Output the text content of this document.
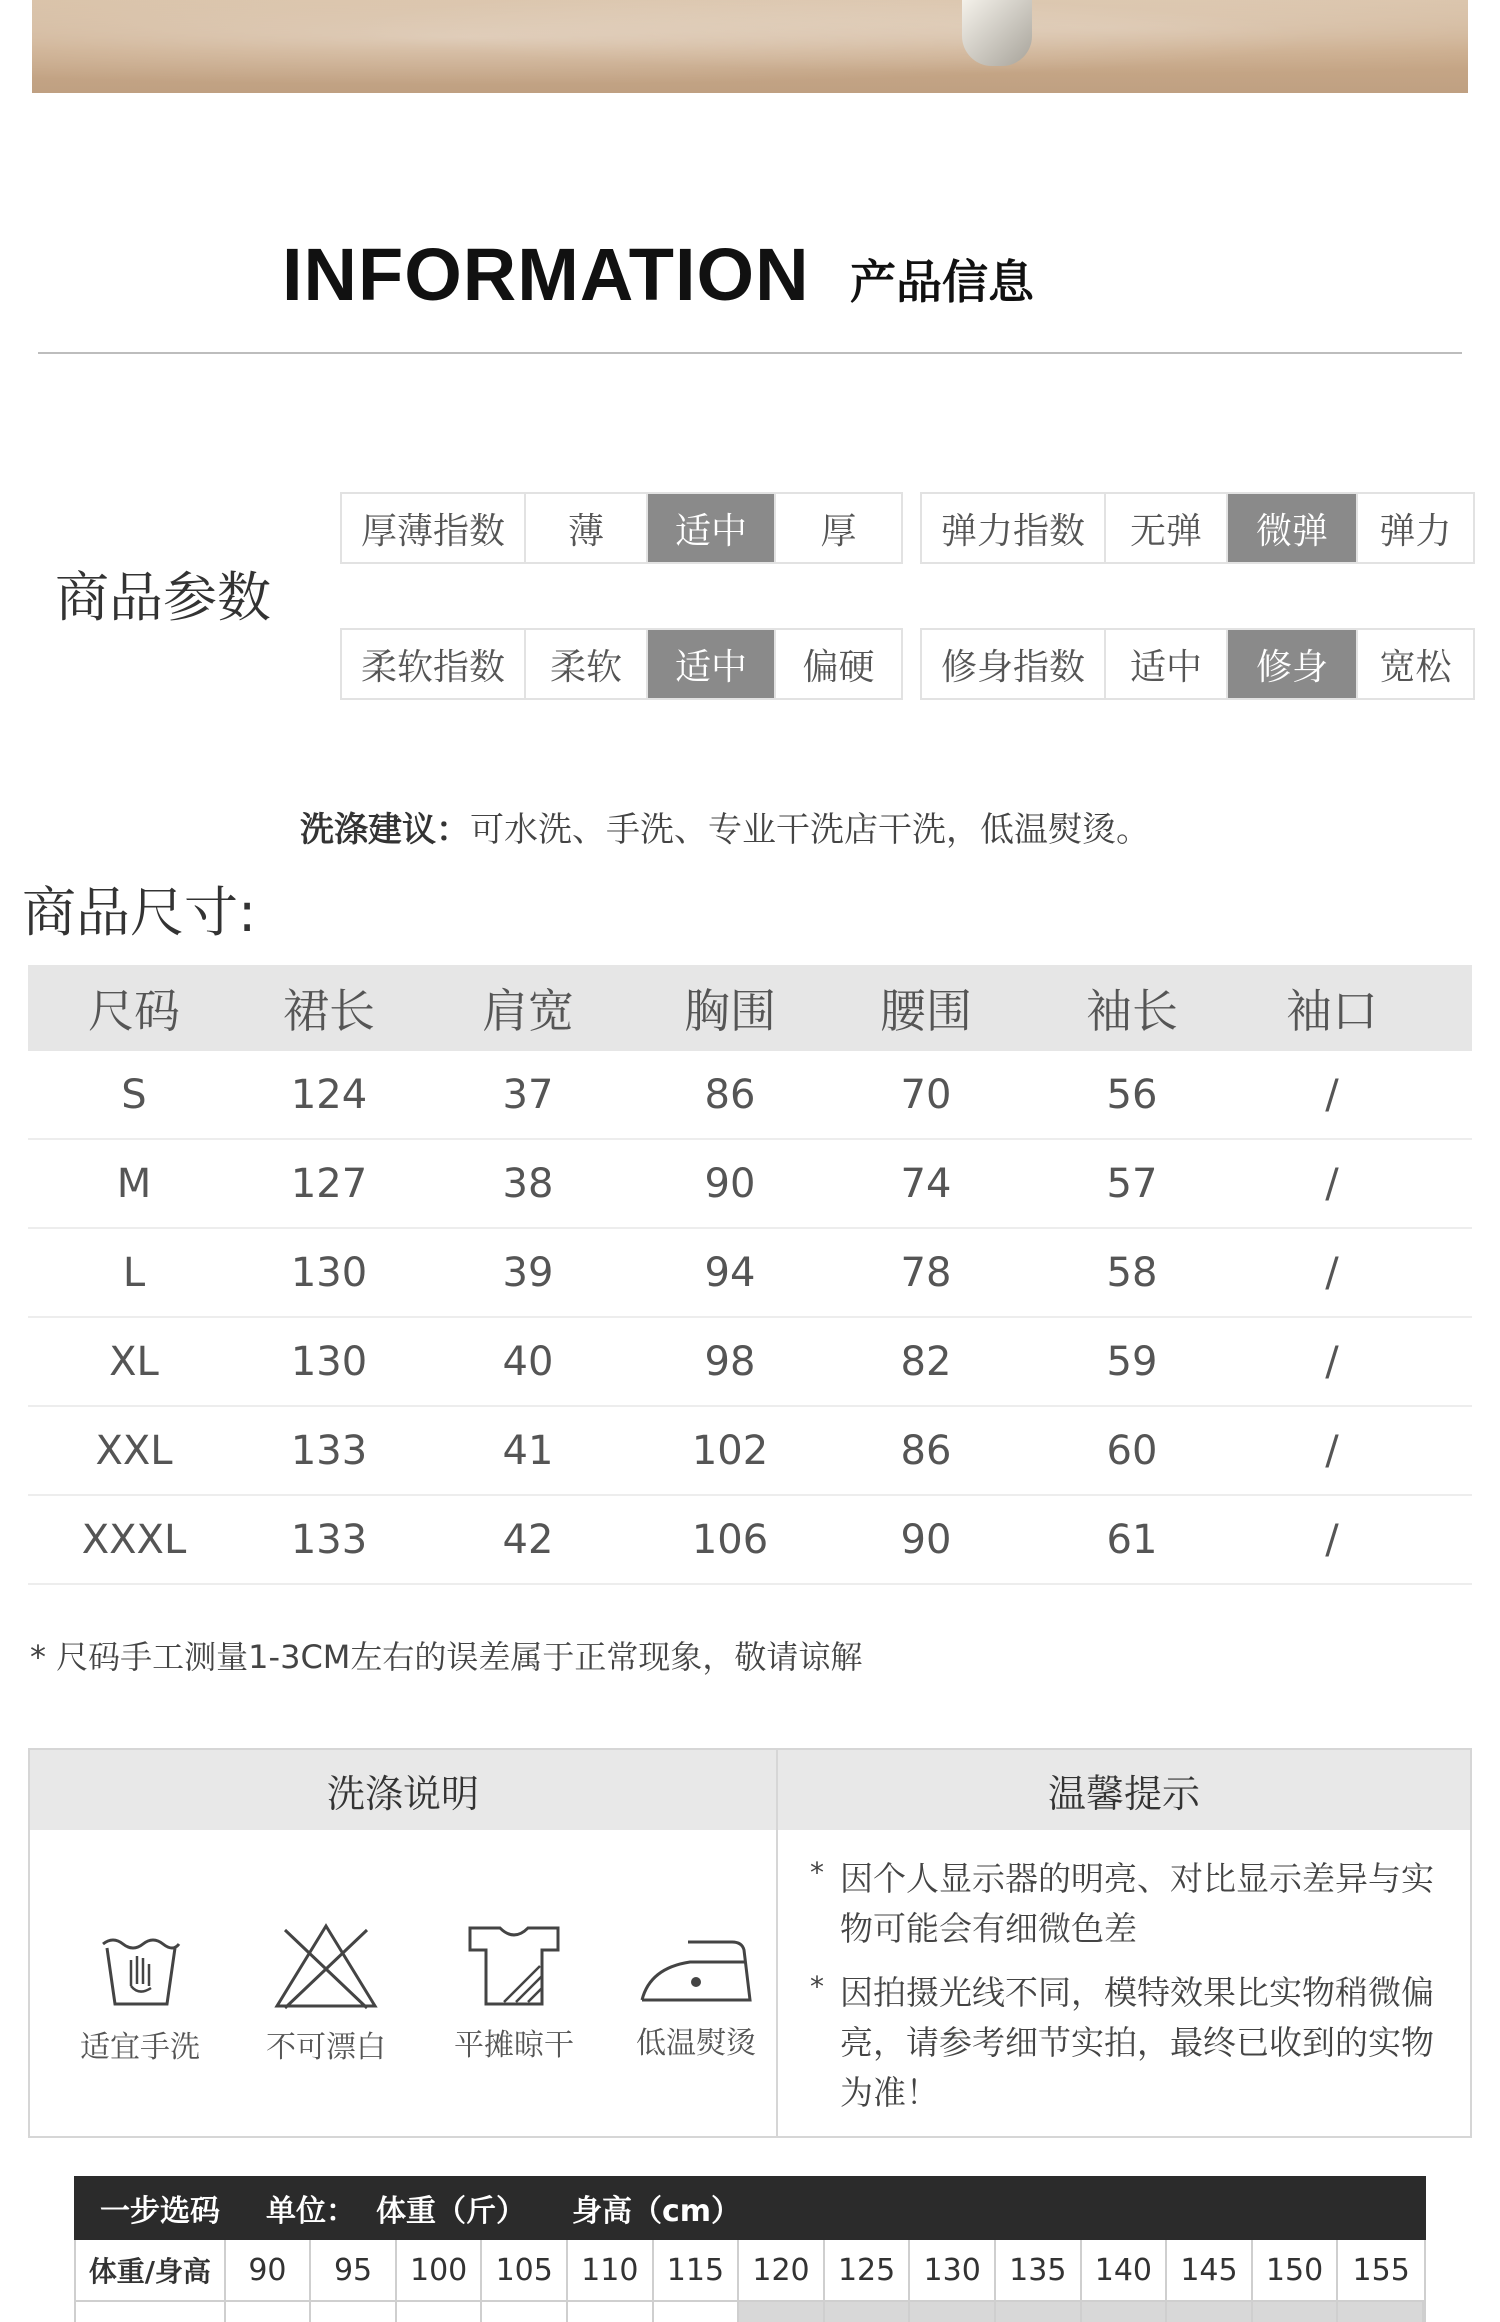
INFORMATION 产品信息
商品参数
厚薄指数	薄	适中	厚	弹力指数	无弹	微弹	弹力
柔软指数	柔软	适中	偏硬	修身指数	适中	修身	宽松
洗涤建议：可水洗、手洗、专业干洗店干洗，低温熨烫。
商品尺寸:
尺码	裙长	肩宽	胸围	腰围	袖长	袖口
S	124	37	86	70	56	/
M	127	38	90	74	57	/
L	130	39	94	78	58	/
XL	130	40	98	82	59	/
XXL	133	41	102	86	60	/
XXXL	133	42	106	90	61	/
* 尺码手工测量1-3CM左右的误差属于正常现象，敬请谅解
洗涤说明	温馨提示
适宜手洗	不可漂白	平摊晾干	低温熨烫
* 因个人显示器的明亮、对比显示差异与实物可能会有细微色差
* 因拍摄光线不同，模特效果比实物稍微偏亮，请参考细节实拍，最终已收到的实物为准！
一步选码 单位： 体重（斤） 身高（cm）
体重/身高	90	95	100 105 110 115 120 125 130 135 140 145 150 155
